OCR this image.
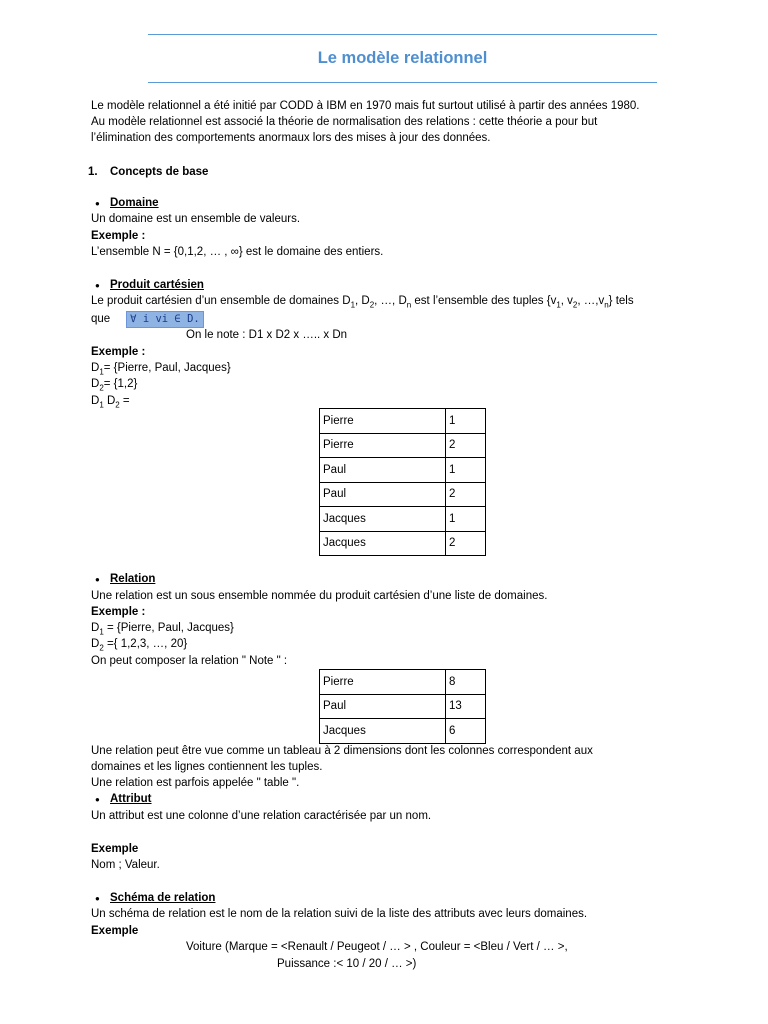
Le modèle relationnel
Le modèle relationnel a été initié par CODD à IBM en 1970 mais fut surtout utilisé à partir des années 1980.
Au modèle relationnel est associé la théorie de normalisation des relations : cette théorie a pour but
l’élimination des comportements anormaux lors des mises à jour des données.
1. Concepts de base
● Domaine
Un domaine est un ensemble de valeurs.
Exemple :
L’ensemble N = {0,1,2, … , ∞} est le domaine des entiers.
● Produit cartésien
Le produit cartésien d’un ensemble de domaines $D_1$, $D_2$, …, $D_n$ est l’ensemble des tuples {$v_1$, $v_2$, $\dots,v_n$} tels
que ∀ i vi ∈ D.
On le note : D1 x D2 x ….. x Dn
Exemple :
$D_1=$ {Pierre, Paul, Jacques}
$D_2= \{1,2\}$
$D_1$ $D_2$ =
Pierre	1
Pierre	2
Paul	1
Paul	2
Jacques	1
Jacques	2
● Relation
Une relation est un sous ensemble nommée du produit cartésien d’une liste de domaines.
Exemple :
$D_1$ = {Pierre, Paul, Jacques}
$D_2$ ={ 1,2,3, …, 20}
On peut composer la relation " Note " :
Pierre	8
Paul	13
Jacques	6
Une relation peut être vue comme un tableau à 2 dimensions dont les colonnes correspondent aux
domaines et les lignes contiennent les tuples.
Une relation est parfois appelée " table ".
● Attribut
Un attribut est une colonne d’une relation caractérisée par un nom.
Exemple
Nom ; Valeur.
● Schéma de relation
Un schéma de relation est le nom de la relation suivi de la liste des attributs avec leurs domaines.
Exemple
Voiture (Marque = <Renault / Peugeot / … > , Couleur = <Bleu / Vert / … >,
Puissance :< 10 / 20 / … >)
